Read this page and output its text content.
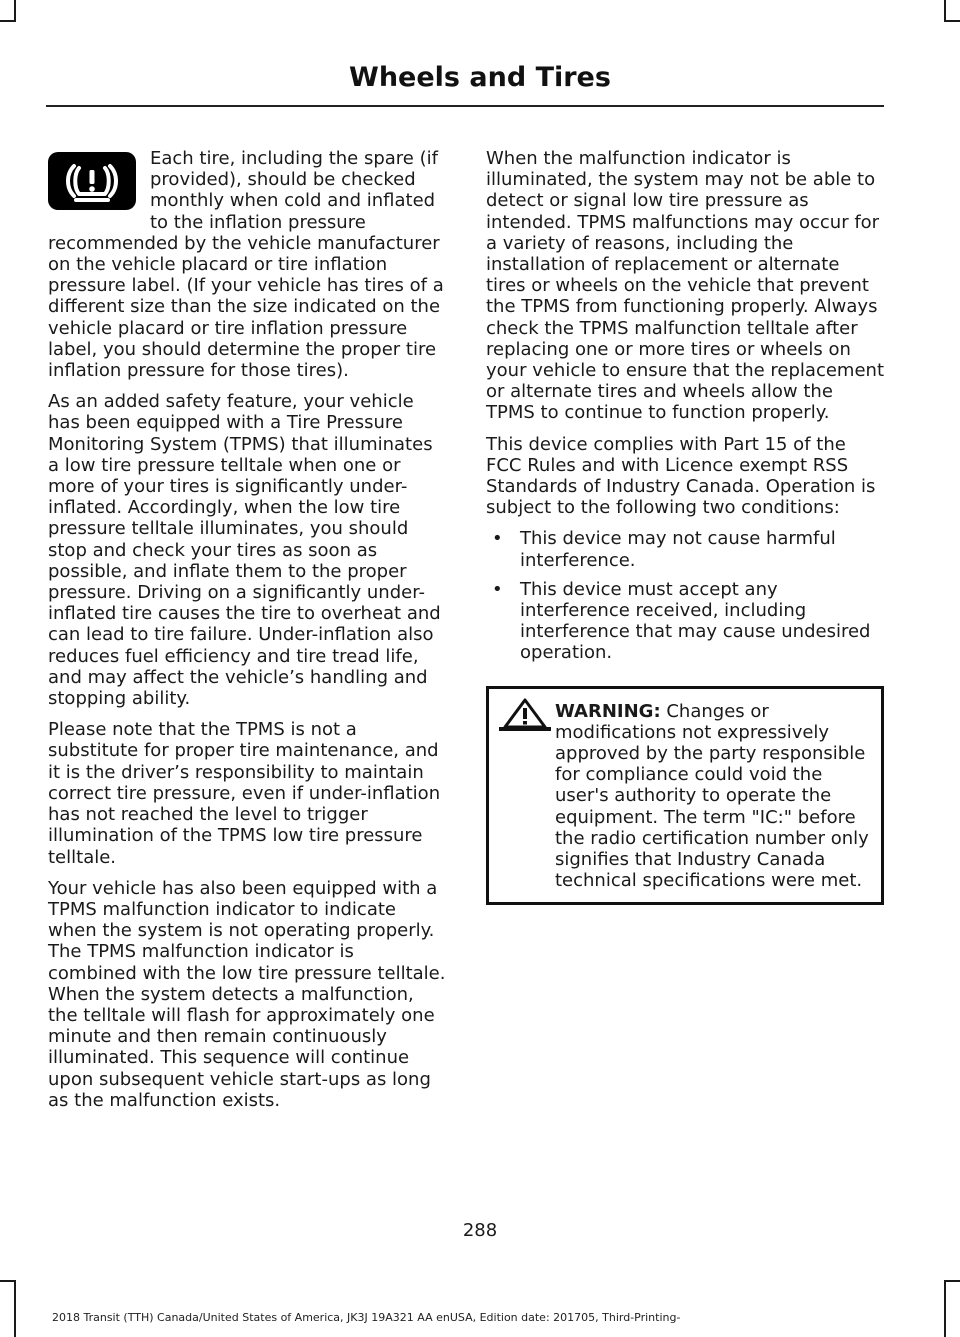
Wheels and Tires

Each tire, including the spare (if provided), should be checked monthly when cold and inflated to the inflation pressure recommended by the vehicle manufacturer on the vehicle placard or tire inflation pressure label. (If your vehicle has tires of a different size than the size indicated on the vehicle placard or tire inflation pressure label, you should determine the proper tire inflation pressure for those tires).

As an added safety feature, your vehicle has been equipped with a Tire Pressure Monitoring System (TPMS) that illuminates a low tire pressure telltale when one or more of your tires is significantly under-inflated. Accordingly, when the low tire pressure telltale illuminates, you should stop and check your tires as soon as possible, and inflate them to the proper pressure. Driving on a significantly under-inflated tire causes the tire to overheat and can lead to tire failure. Under-inflation also reduces fuel efficiency and tire tread life, and may affect the vehicle’s handling and stopping ability.

Please note that the TPMS is not a substitute for proper tire maintenance, and it is the driver’s responsibility to maintain correct tire pressure, even if under-inflation has not reached the level to trigger illumination of the TPMS low tire pressure telltale.

Your vehicle has also been equipped with a TPMS malfunction indicator to indicate when the system is not operating properly. The TPMS malfunction indicator is combined with the low tire pressure telltale. When the system detects a malfunction, the telltale will flash for approximately one minute and then remain continuously illuminated. This sequence will continue upon subsequent vehicle start-ups as long as the malfunction exists.

When the malfunction indicator is illuminated, the system may not be able to detect or signal low tire pressure as intended. TPMS malfunctions may occur for a variety of reasons, including the installation of replacement or alternate tires or wheels on the vehicle that prevent the TPMS from functioning properly. Always check the TPMS malfunction telltale after replacing one or more tires or wheels on your vehicle to ensure that the replacement or alternate tires and wheels allow the TPMS to continue to function properly.

This device complies with Part 15 of the FCC Rules and with Licence exempt RSS Standards of Industry Canada. Operation is subject to the following two conditions:

• This device may not cause harmful interference.
• This device must accept any interference received, including interference that may cause undesired operation.
WARNING: Changes or modifications not expressively approved by the party responsible for compliance could void the user's authority to operate the equipment. The term "IC:" before the radio certification number only signifies that Industry Canada technical specifications were met.
288
2018 Transit (TTH) Canada/United States of America, JK3J 19A321 AA enUSA, Edition date: 201705, Third-Printing-
